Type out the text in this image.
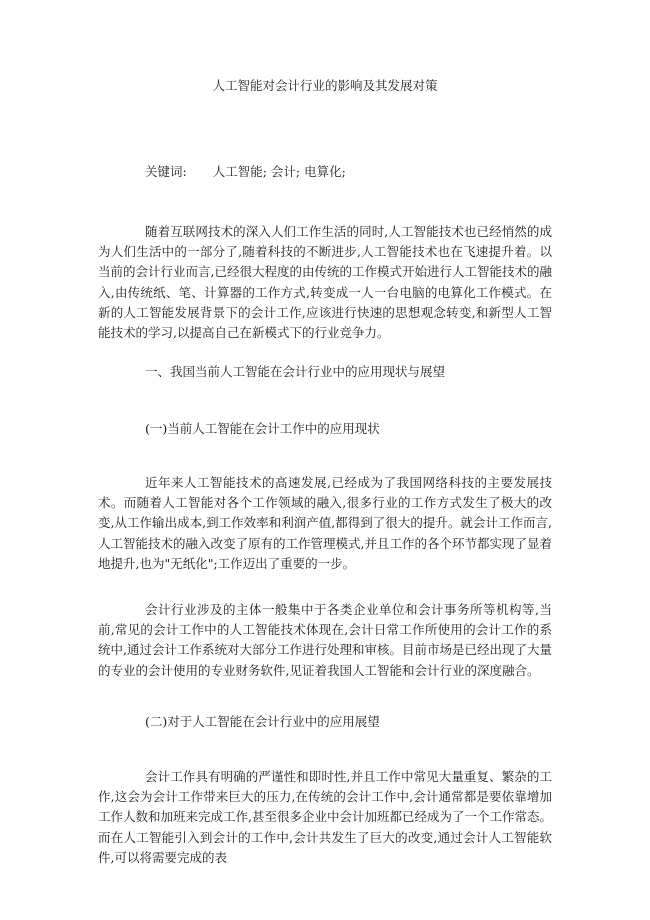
人工智能对会计行业的影响及其发展对策
关键词: 人工智能; 会计; 电算化;

随着互联网技术的深入人们工作生活的同时,人工智能技术也已经悄然的成为人们生活中的一部分了,随着科技的不断进步,人工智能技术也在飞速提升着。以当前的会计行业而言,已经很大程度的由传统的工作模式开始进行人工智能技术的融入,由传统纸、笔、计算器的工作方式,转变成一人一台电脑的电算化工作模式。在新的人工智能发展背景下的会计工作,应该进行快速的思想观念转变,和新型人工智能技术的学习,以提高自己在新模式下的行业竞争力。

一、我国当前人工智能在会计行业中的应用现状与展望

(一)当前人工智能在会计工作中的应用现状

近年来人工智能技术的高速发展,已经成为了我国网络科技的主要发展技术。而随着人工智能对各个工作领域的融入,很多行业的工作方式发生了极大的改变,从工作输出成本,到工作效率和利润产值,都得到了很大的提升。就会计工作而言,人工智能技术的融入改变了原有的工作管理模式,并且工作的各个环节都实现了显着地提升,也为"无纸化";工作迈出了重要的一步。

会计行业涉及的主体一般集中于各类企业单位和会计事务所等机构等,当前,常见的会计工作中的人工智能技术体现在,会计日常工作所使用的会计工作的系统中,通过会计工作系统对大部分工作进行处理和审核。目前市场是已经出现了大量的专业的会计使用的专业财务软件,见证着我国人工智能和会计行业的深度融合。

(二)对于人工智能在会计行业中的应用展望

会计工作具有明确的严谨性和即时性,并且工作中常见大量重复、繁杂的工作,这会为会计工作带来巨大的压力,在传统的会计工作中,会计通常都是要依靠增加工作人数和加班来完成工作,甚至很多企业中会计加班都已经成为了一个工作常态。而在人工智能引入到会计的工作中,会计共发生了巨大的改变,通过会计人工智能软件,可以将需要完成的表
